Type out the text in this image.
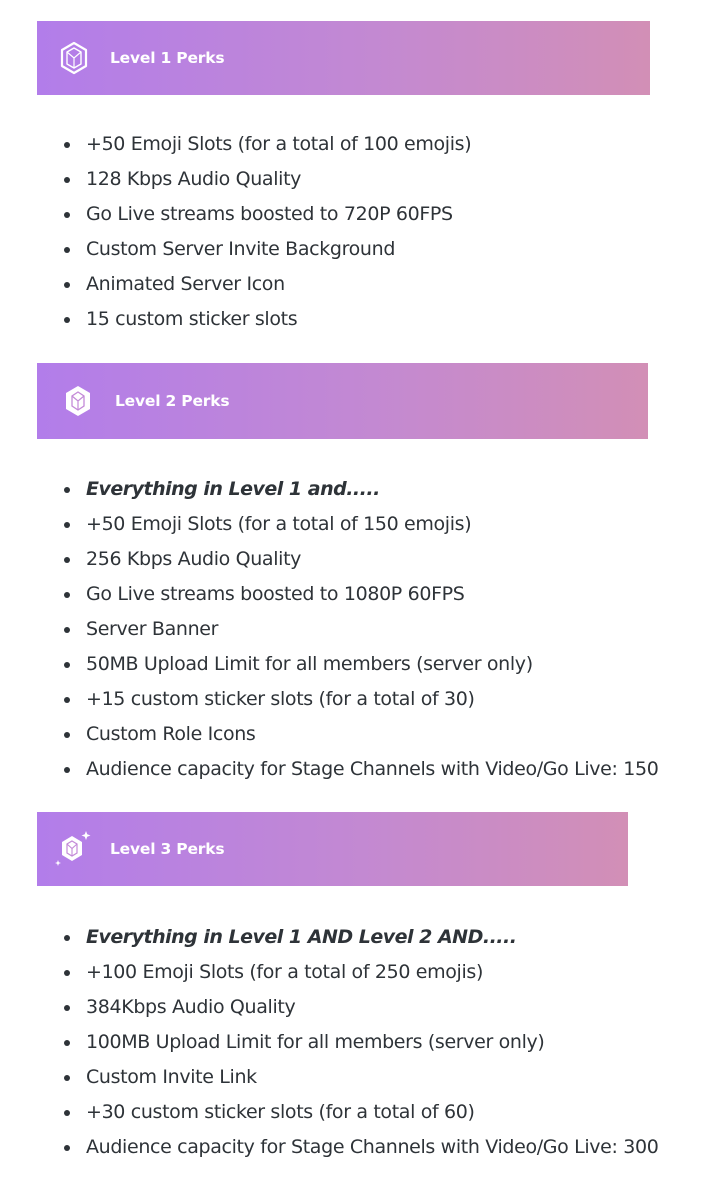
Level 1 Perks
+50 Emoji Slots (for a total of 100 emojis)
128 Kbps Audio Quality
Go Live streams boosted to 720P 60FPS
Custom Server Invite Background
Animated Server Icon
15 custom sticker slots
Level 2 Perks
Everything in Level 1 and.....
+50 Emoji Slots (for a total of 150 emojis)
256 Kbps Audio Quality
Go Live streams boosted to 1080P 60FPS
Server Banner
50MB Upload Limit for all members (server only)
+15 custom sticker slots (for a total of 30)
Custom Role Icons
Audience capacity for Stage Channels with Video/Go Live: 150
Level 3 Perks
Everything in Level 1 AND Level 2 AND.....
+100 Emoji Slots (for a total of 250 emojis)
384Kbps Audio Quality
100MB Upload Limit for all members (server only)
Custom Invite Link
+30 custom sticker slots (for a total of 60)
Audience capacity for Stage Channels with Video/Go Live: 300
